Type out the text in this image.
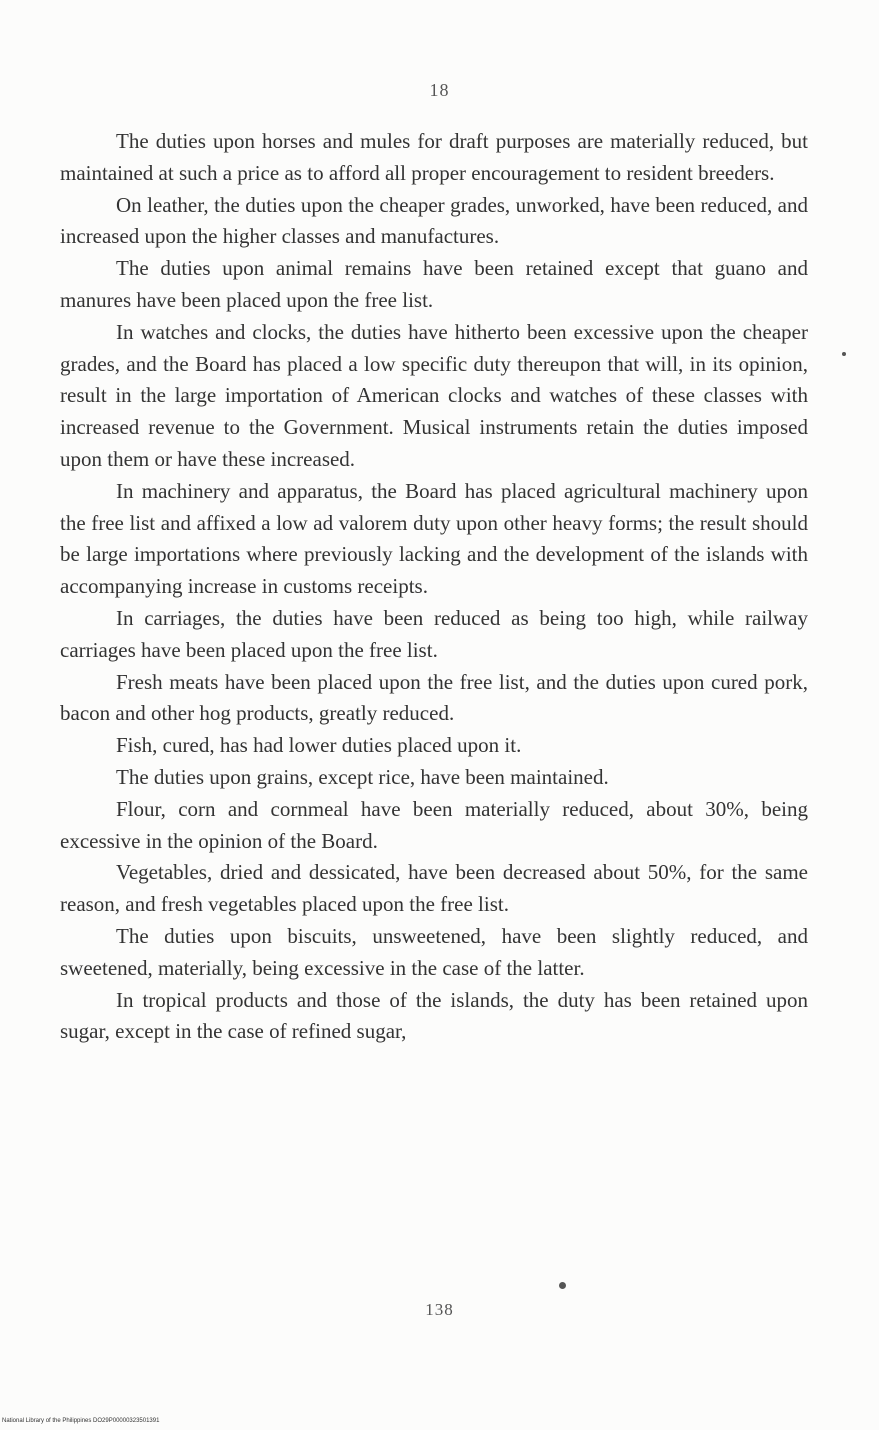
18

The duties upon horses and mules for draft purposes are materially reduced, but maintained at such a price as to afford all proper encouragement to resident breeders.

On leather, the duties upon the cheaper grades, unworked, have been reduced, and increased upon the higher classes and manufactures.

The duties upon animal remains have been retained except that guano and manures have been placed upon the free list.

In watches and clocks, the duties have hitherto been excessive upon the cheaper grades, and the Board has placed a low specific duty thereupon that will, in its opinion, result in the large importation of American clocks and watches of these classes with increased revenue to the Government. Musical instruments retain the duties imposed upon them or have these increased.

In machinery and apparatus, the Board has placed agricultural machinery upon the free list and affixed a low ad valorem duty upon other heavy forms; the result should be large importations where previously lacking and the development of the islands with accompanying increase in customs receipts.

In carriages, the duties have been reduced as being too high, while railway carriages have been placed upon the free list.

Fresh meats have been placed upon the free list, and the duties upon cured pork, bacon and other hog products, greatly reduced.

Fish, cured, has had lower duties placed upon it.

The duties upon grains, except rice, have been maintained.

Flour, corn and cornmeal have been materially reduced, about 30%, being excessive in the opinion of the Board.

Vegetables, dried and dessicated, have been decreased about 50%, for the same reason, and fresh vegetables placed upon the free list.

The duties upon biscuits, unsweetened, have been slightly reduced, and sweetened, materially, being excessive in the case of the latter.

In tropical products and those of the islands, the duty has been retained upon sugar, except in the case of refined sugar,

138
National Library of the Philippines DO29P00000323501391
